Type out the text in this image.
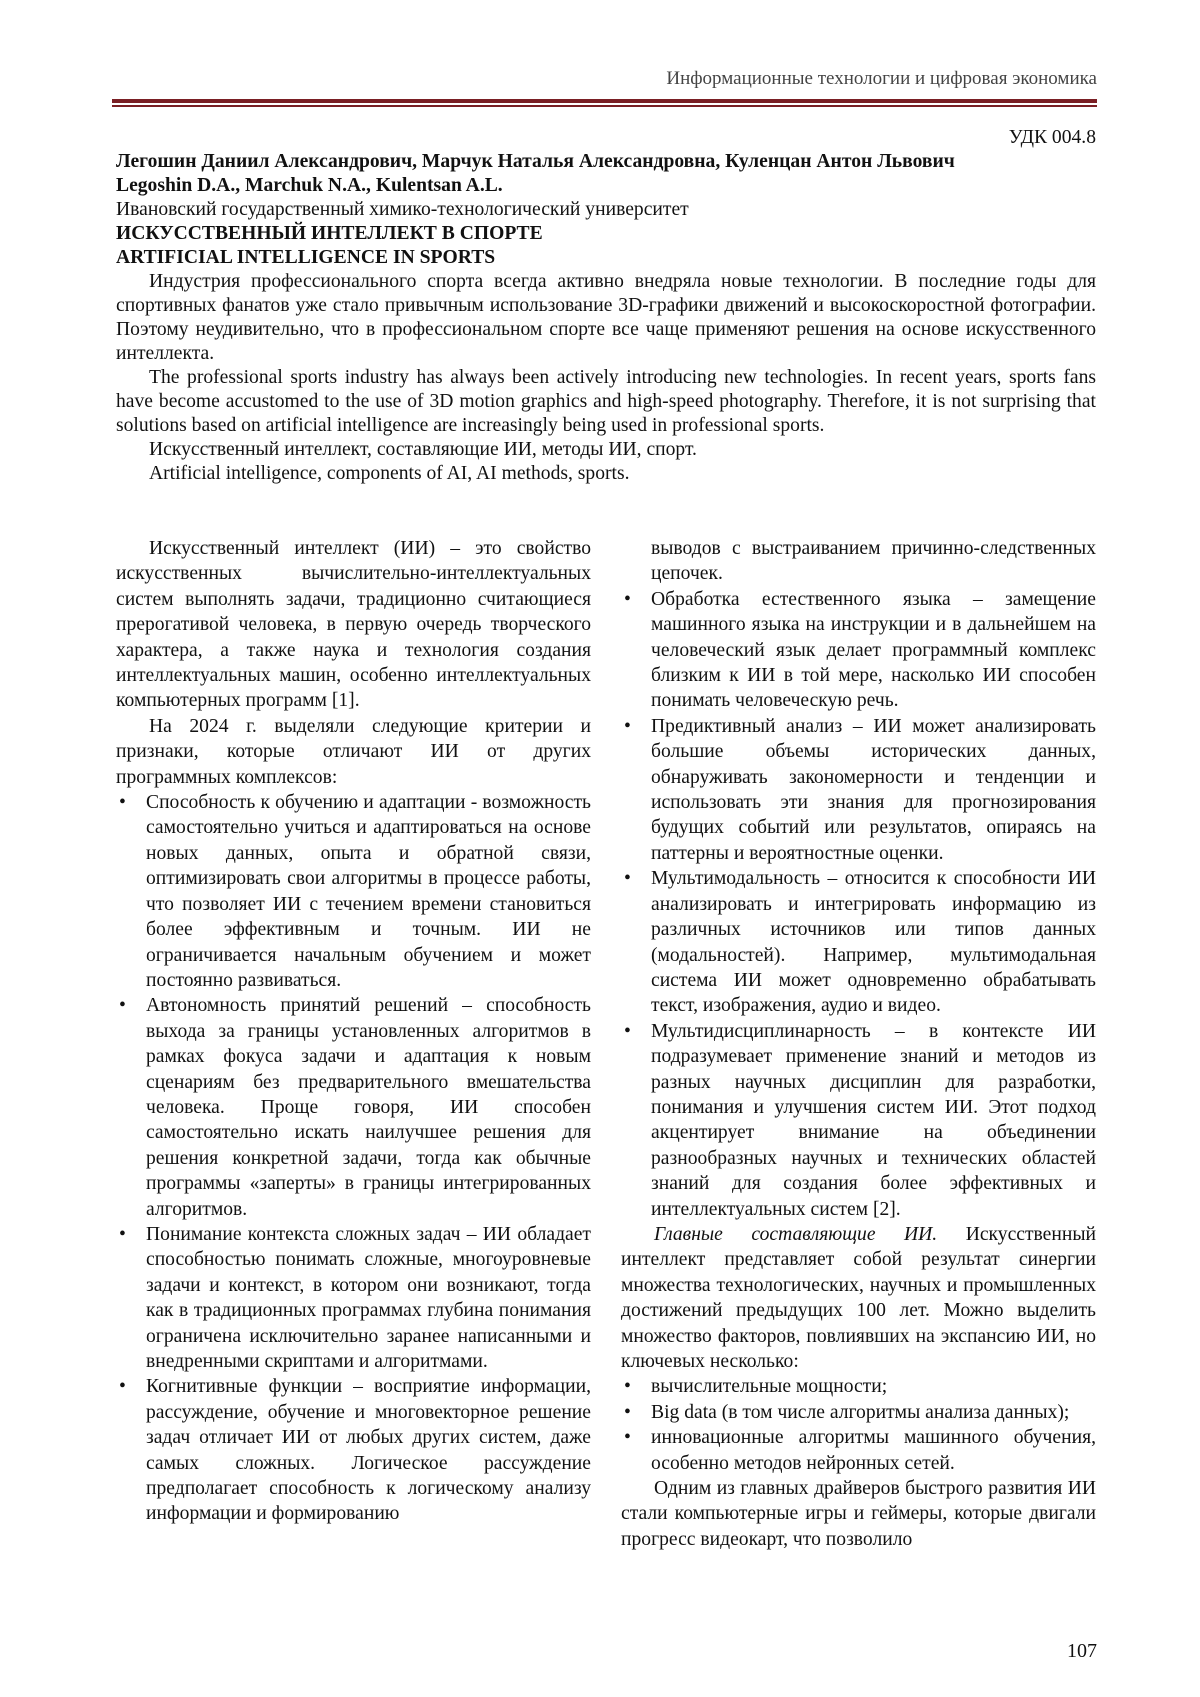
Информационные технологии и цифровая экономика
УДК 004.8
Легошин Даниил Александрович, Марчук Наталья Александровна, Куленцан Антон Львович
Legoshin D.A., Marchuk N.A., Kulentsan A.L.
Ивановский государственный химико-технологический университет
ИСКУССТВЕННЫЙ ИНТЕЛЛЕКТ В СПОРТЕ
ARTIFICIAL INTELLIGENCE IN SPORTS

Индустрия профессионального спорта всегда активно внедряла новые технологии. В последние годы для спортивных фанатов уже стало привычным использование 3D-графики движений и высокоскоростной фотографии. Поэтому неудивительно, что в профессиональном спорте все чаще применяют решения на основе искусственного интеллекта.

The professional sports industry has always been actively introducing new technologies. In recent years, sports fans have become accustomed to the use of 3D motion graphics and high-speed photography. Therefore, it is not surprising that solutions based on artificial intelligence are increasingly being used in professional sports.

Искусственный интеллект, составляющие ИИ, методы ИИ, спорт.
Artificial intelligence, components of AI, AI methods, sports.

Искусственный интеллект (ИИ) – это свойство искусственных вычислительно-интеллектуальных систем выполнять задачи, традиционно считающиеся прерогативой человека, в первую очередь творческого характера, а также наука и технология создания интеллектуальных машин, особенно интеллектуальных компьютерных программ [1].

На 2024 г. выделяли следующие критерии и признаки, которые отличают ИИ от других программных комплексов:

• Способность к обучению и адаптации - возможность самостоятельно учиться и адаптироваться на основе новых данных, опыта и обратной связи, оптимизировать свои алгоритмы в процессе работы, что позволяет ИИ с течением времени становиться более эффективным и точным. ИИ не ограничивается начальным обучением и может постоянно развиваться.
• Автономность принятий решений – способность выхода за границы установленных алгоритмов в рамках фокуса задачи и адаптация к новым сценариям без предварительного вмешательства человека. Проще говоря, ИИ способен самостоятельно искать наилучшее решения для решения конкретной задачи, тогда как обычные программы «заперты» в границы интегрированных алгоритмов.
• Понимание контекста сложных задач – ИИ обладает способностью понимать сложные, многоуровневые задачи и контекст, в котором они возникают, тогда как в традиционных программах глубина понимания ограничена исключительно заранее написанными и внедренными скриптами и алгоритмами.
• Когнитивные функции – восприятие информации, рассуждение, обучение и многовекторное решение задач отличает ИИ от любых других систем, даже самых сложных. Логическое рассуждение предполагает способность к логическому анализу информации и формированию

выводов с выстраиванием причинно-следственных цепочек.

• Обработка естественного языка – замещение машинного языка на инструкции и в дальнейшем на человеческий язык делает программный комплекс близким к ИИ в той мере, насколько ИИ способен понимать человеческую речь.
• Предиктивный анализ – ИИ может анализировать большие объемы исторических данных, обнаруживать закономерности и тенденции и использовать эти знания для прогнозирования будущих событий или результатов, опираясь на паттерны и вероятностные оценки.
• Мультимодальность – относится к способности ИИ анализировать и интегрировать информацию из различных источников или типов данных (модальностей). Например, мультимодальная система ИИ может одновременно обрабатывать текст, изображения, аудио и видео.
• Мультидисциплинарность – в контексте ИИ подразумевает применение знаний и методов из разных научных дисциплин для разработки, понимания и улучшения систем ИИ. Этот подход акцентирует внимание на объединении разнообразных научных и технических областей знаний для создания более эффективных и интеллектуальных систем [2].

Главные составляющие ИИ. Искусственный интеллект представляет собой результат синергии множества технологических, научных и промышленных достижений предыдущих 100 лет. Можно выделить множество факторов, повлиявших на экспансию ИИ, но ключевых несколько:

• вычислительные мощности;
• Big data (в том числе алгоритмы анализа данных);
• инновационные алгоритмы машинного обучения, особенно методов нейронных сетей.

Одним из главных драйверов быстрого развития ИИ стали компьютерные игры и геймеры, которые двигали прогресс видеокарт, что позволило

107
